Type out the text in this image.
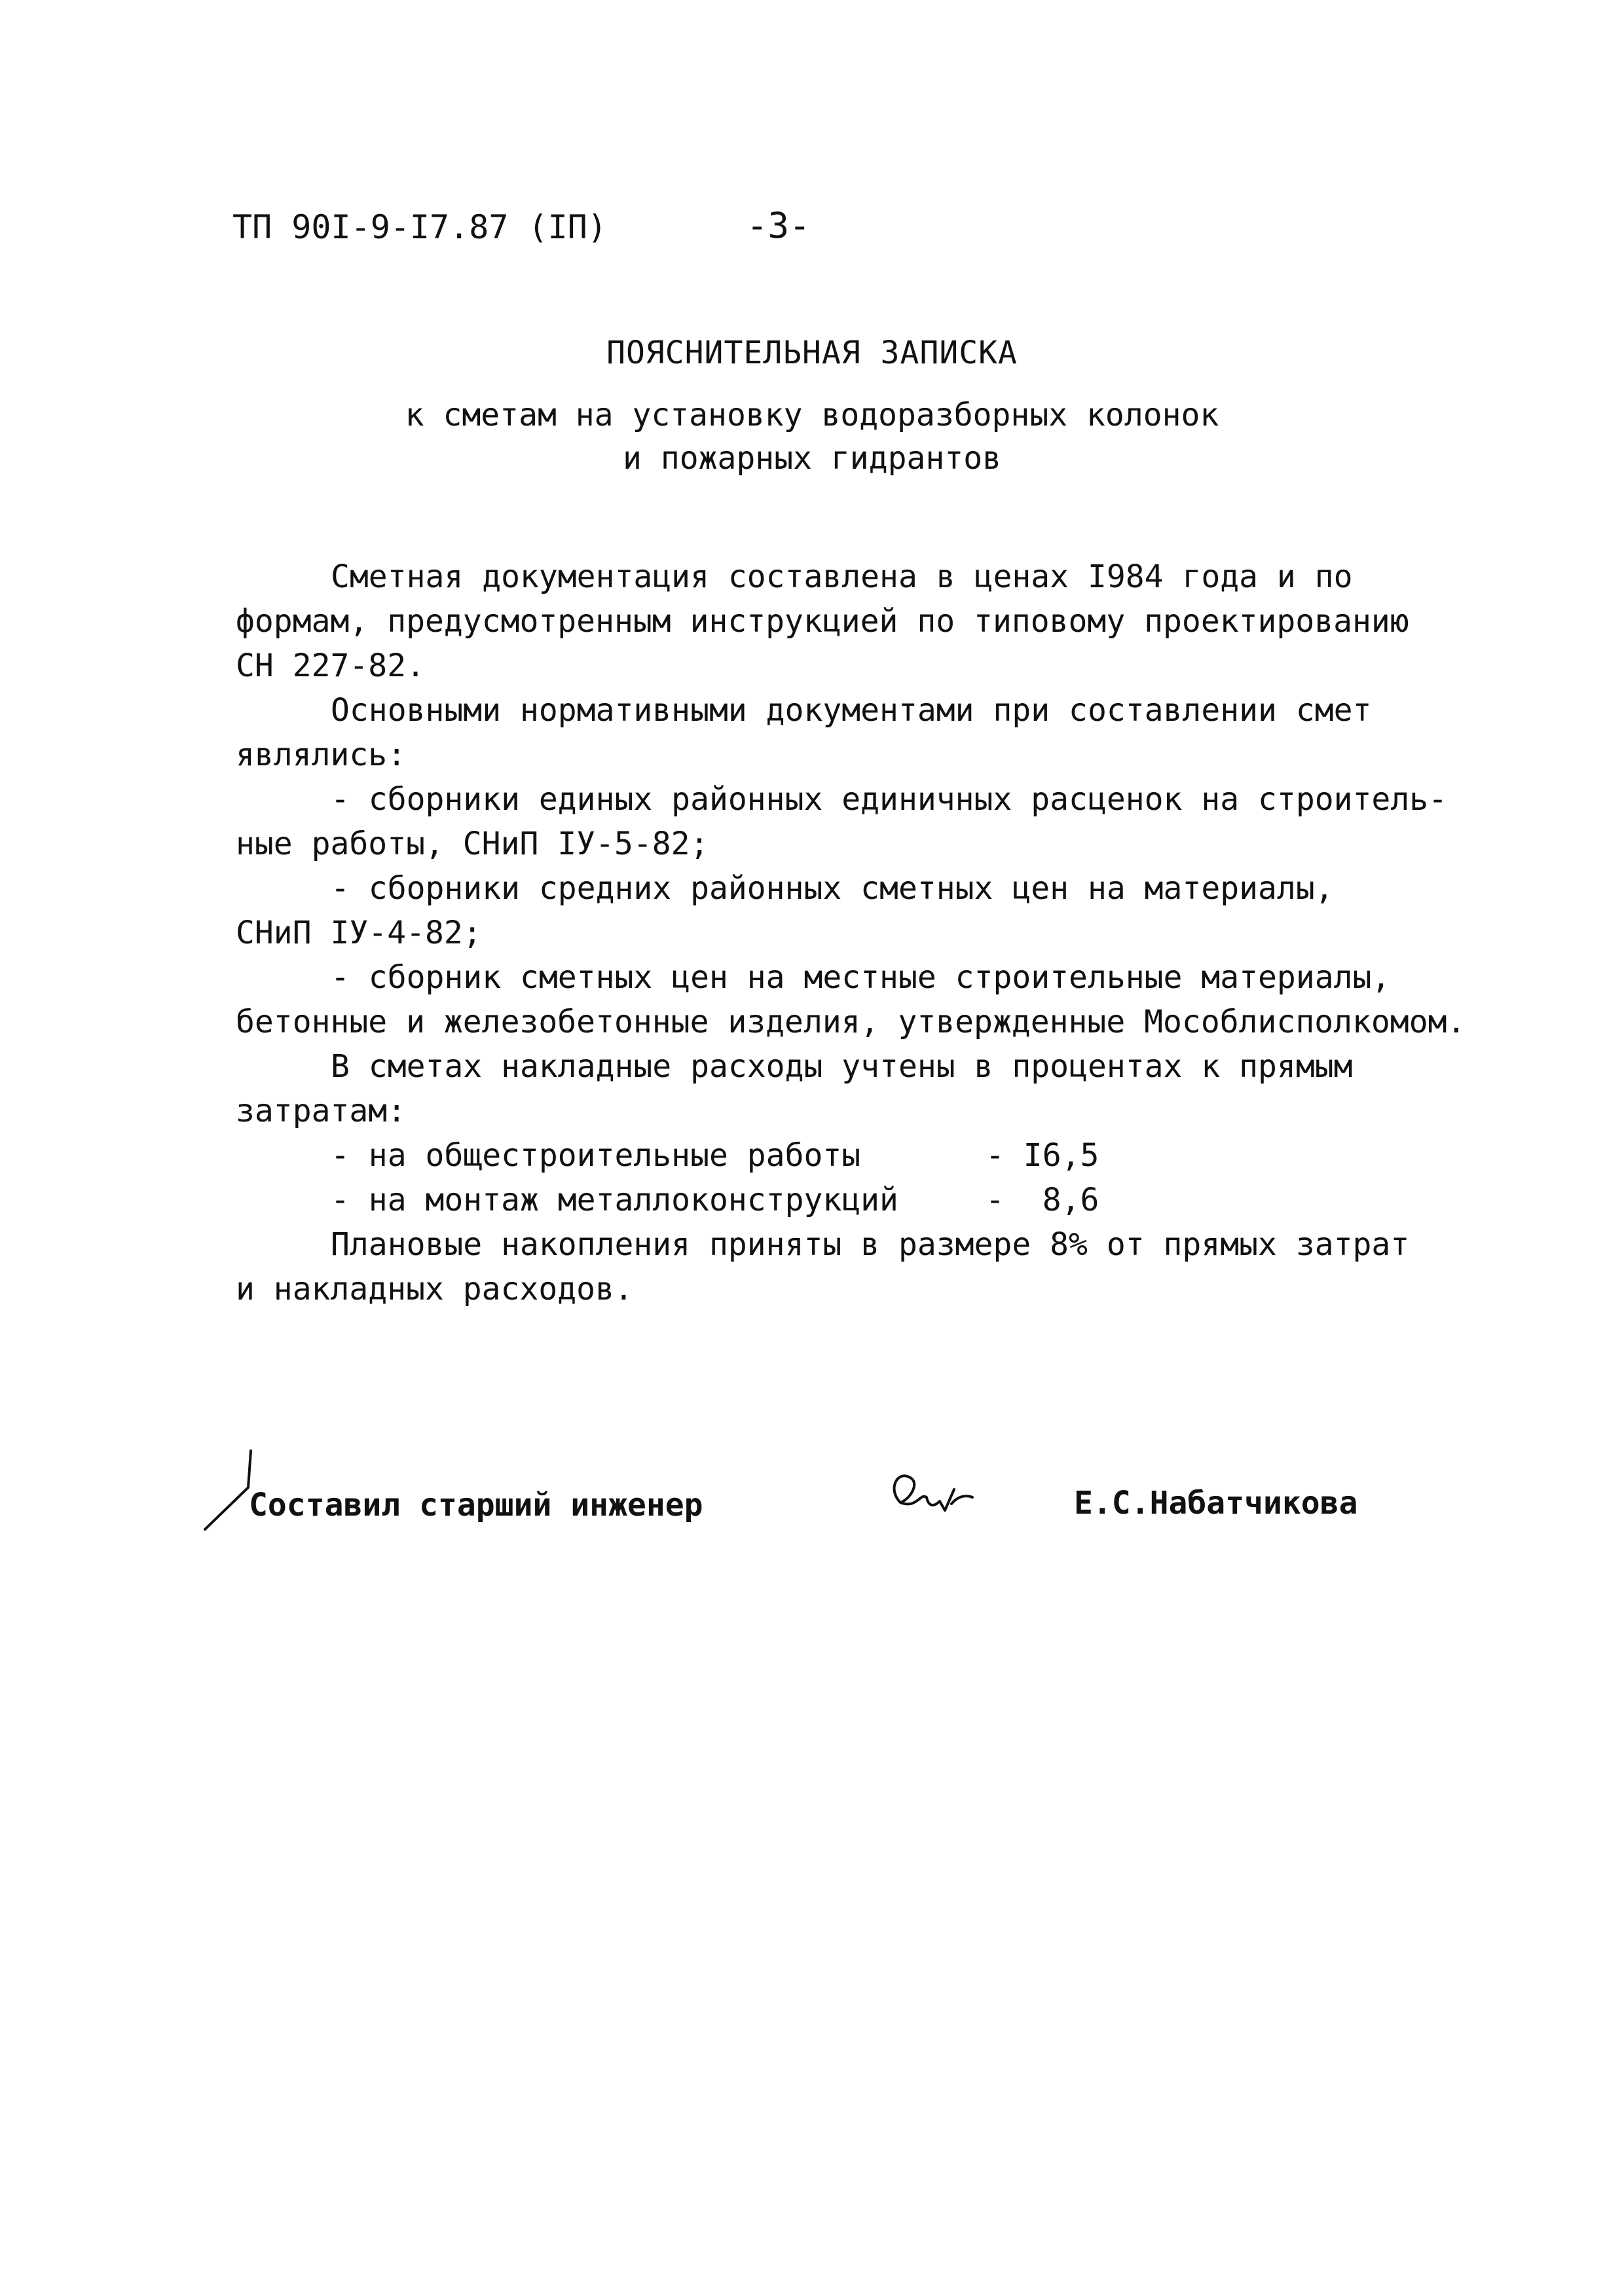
ТП 90I-9-I7.87 (IП)	-3-
ПОЯСНИТЕЛЬНАЯ ЗАПИСКА
к сметам на установку водоразборных колонок
и пожарных гидрантов
Сметная документация составлена в ценах I984 года и по
формам, предусмотренным инструкцией по типовому проектированию
СН 227-82.
Основными нормативными документами при составлении смет
являлись:
- сборники единых районных единичных расценок на строитель-
ные работы, СНиП IУ-5-82;
- сборники средних районных сметных цен на материалы,
СНиП IУ-4-82;
- сборник сметных цен на местные строительные материалы,
бетонные и железобетонные изделия, утвержденные Мособлисполкомом.
В сметах накладные расходы учтены в процентах к прямым
затратам:
- на общестроительные работы	- I6,5
- на монтаж металлоконструкций	-  8,6
Плановые накопления приняты в размере 8% от прямых затрат
и накладных расходов.
Составил старший инженер	Е.С.Набатчикова
